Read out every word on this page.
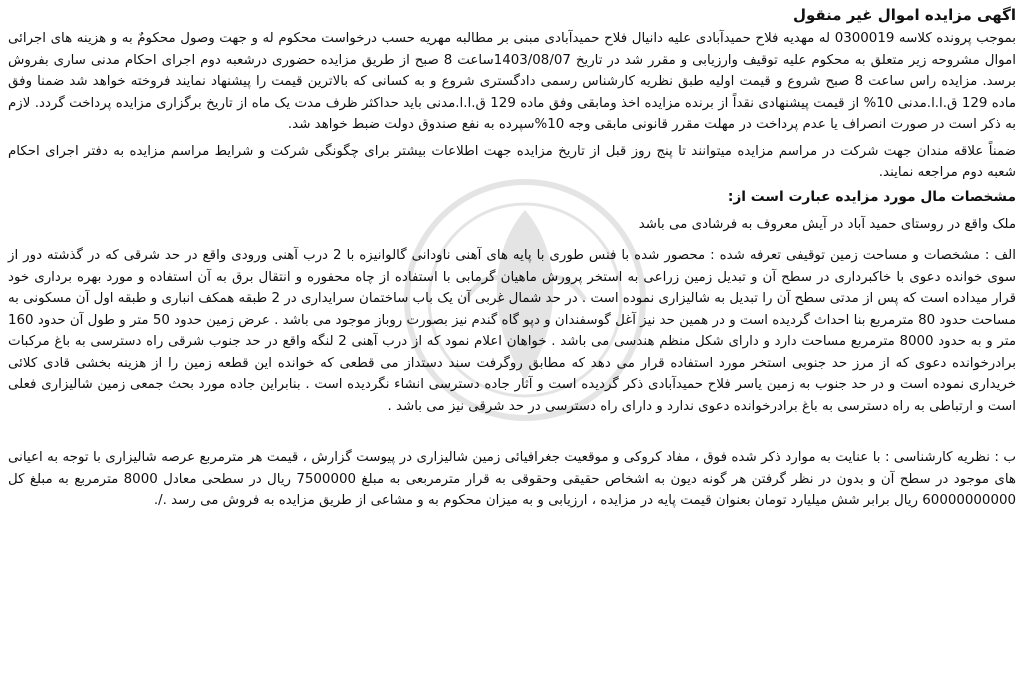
اگهی مزایده اموال غیر منقول

بموجب پرونده کلاسه 0300019 له مهدیه فلاح حمیدآبادی علیه دانیال فلاح حمیدآبادی مبنی بر مطالبه مهریه حسب درخواست محکوم له و جهت وصول محکومٌ به و هزینه های اجرائی اموال مشروحه زیر متعلق به محکوم علیه توقیف وارزیابی و مقرر شد در تاریخ 1403/08/07ساعت 8 صبح از طریق مزایده حضوری درشعبه دوم اجرای احکام مدنی ساری بفروش برسد. مزایده راس ساعت 8 صبح شروع و قیمت اولیه طبق نظریه کارشناس رسمی دادگستری شروع و به کسانی که بالاترین قیمت را پیشنهاد نمایند فروخته خواهد شد ضمنا وفق ماده 129 ق.ا.ا.مدنی 10% از قیمت پیشنهادی نقداً از برنده مزایده اخذ ومابقی وفق ماده 129 ق.ا.ا.مدنی باید حداکثر ظرف مدت یک ماه از تاریخ برگزاری مزایده پرداخت گردد. لازم به ذکر است در صورت انصراف یا عدم پرداخت در مهلت مقرر قانونی مابقی وجه 10%سپرده به نفع صندوق دولت ضبط خواهد شد.

ضمناً علاقه مندان جهت شرکت در مراسم مزایده میتوانند تا پنج روز قبل از تاریخ مزایده جهت اطلاعات بیشتر برای چگونگی شرکت و شرایط مراسم مزایده به دفتر اجرای احکام شعبه دوم مراجعه نمایند.

مشخصات مال مورد مزایده عبارت است از:

ملک واقع در روستای حمید آباد در آیش معروف به فرشادی می باشد

الف : مشخصات و مساحت زمین توقیفی تعرفه شده : محصور شده با فنس طوری با پایه های آهنی ناودانی گالوانیزه با 2 درب آهنی ورودی واقع در حد شرقی که در گذشته دور از سوی خوانده دعوی با خاکبرداری در سطح آن و تبدیل زمین زراعی به استخر پرورش ماهیان گرمابی با استفاده از چاه محفوره و انتقال برق به آن استفاده و مورد بهره برداری خود قرار میداده است که پس از مدتی سطح آن را تبدیل به شالیزاری نموده است . در حد شمال غربی آن یک باب ساختمان سرایداری در 2 طبقه همکف انباری و طبقه اول آن مسکونی به مساحت حدود 80 مترمربع بنا احداث گردیده است و در همین حد نیز آغل گوسفندان و دپو گاه گندم نیز بصورت روباز موجود می باشد . عرض زمین حدود 50 متر و طول آن حدود 160 متر و به حدود 8000 مترمربع مساحت دارد و دارای شکل منظم هندسی می باشد . خواهان اعلام نمود که از درب آهنی 2 لنگه واقع در حد جنوب شرقی راه دسترسی به باغ مرکبات برادرخوانده دعوی که از مرز حد جنوبی استخر مورد استفاده قرار می دهد که مطابق روگرفت سند دستداز می قطعی که خوانده این قطعه زمین را از هزینه بخشی قادی کلائی خریداری نموده است و در حد جنوب به زمین یاسر فلاح حمیدآبادی ذکر گردیده است و آثار جاده دسترسی انشاء نگردیده است . بنابراین جاده مورد بحث جمعی زمین شالیزاری فعلی است و ارتباطی به راه دسترسی به باغ برادرخوانده دعوی ندارد و دارای راه دسترسی در حد شرقی نیز می باشد .

ب : نظریه کارشناسی : با عنایت به موارد ذکر شده فوق ، مفاد کروکی و موقعیت جغرافیائی زمین شالیزاری در پیوست گزارش ، قیمت هر مترمربع عرصه شالیزاری با توجه به اعیانی های موجود در سطح آن و بدون در نظر گرفتن هر گونه دیون به اشخاص حقیقی وحقوقی به قرار مترمربعی به مبلغ 7500000 ریال در سطحی معادل 8000 مترمربع به مبلغ کل 60000000000 ریال برابر شش میلیارد تومان بعنوان قیمت پایه در مزایده ، ارزیابی و به میزان محکوم به و مشاعی از طریق مزایده به فروش می رسد ./.
